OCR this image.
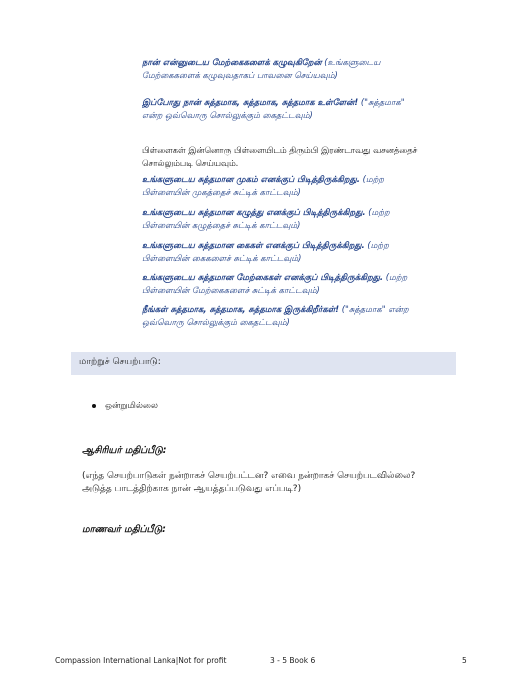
நான் என்னுடைய மேற்கைகளைக் கழுவுகிறேன் (உங்களுடைய
மேற்கைகளைக் கழுவுவதாகப் பாவனை செய்யவும்)
இப்போது நான் சுத்தமாக, சுத்தமாக, சுத்தமாக உள்ளேன்! ("சுத்தமாக"
என்ற ஒவ்வொரு சொல்லுக்கும் கைதட்டவும்)
பிள்ளைகள் இன்னொரு பிள்ளையிடம் திரும்பி இரண்டாவது வசனத்தைச்
சொல்லும்படி செய்யவும்.
உங்களுடைய சுத்தமான முகம் எனக்குப் பிடித்திருக்கிறது. (மற்ற
பிள்ளையின் முகத்தைச் சுட்டிக் காட்டவும்)
உங்களுடைய சுத்தமான கழுத்து எனக்குப் பிடித்திருக்கிறது. (மற்ற
பிள்ளையின் கழுத்தைச் சுட்டிக் காட்டவும்)
உங்களுடைய சுத்தமான கைகள் எனக்குப் பிடித்திருக்கிறது. (மற்ற
பிள்ளையின் கைகளைச் சுட்டிக் காட்டவும்)
உங்களுடைய சுத்தமான மேற்கைகள் எனக்குப் பிடித்திருக்கிறது. (மற்ற
பிள்ளையின் மேற்கைகளைச் சுட்டிக் காட்டவும்)
நீங்கள் சுத்தமாக, சுத்தமாக, சுத்தமாக இருக்கிறீர்கள்! ("சுத்தமாக" என்ற
ஒவ்வொரு சொல்லுக்கும் கைதட்டவும்)
மாற்றுச் செயற்பாடு:
ஒன்றுமில்லை
ஆசிரியர் மதிப்பீடு:
(எந்த செயற்பாடுகள் நன்றாகச் செயற்பட்டன? எவை நன்றாகச் செயற்படவில்லை?
அடுத்த பாடத்திற்காக நான் ஆயத்தப்படுவது எப்படி?)
மாணவர் மதிப்பீடு:
Compassion International Lanka|Not for profit	3 - 5 Book 6	5
